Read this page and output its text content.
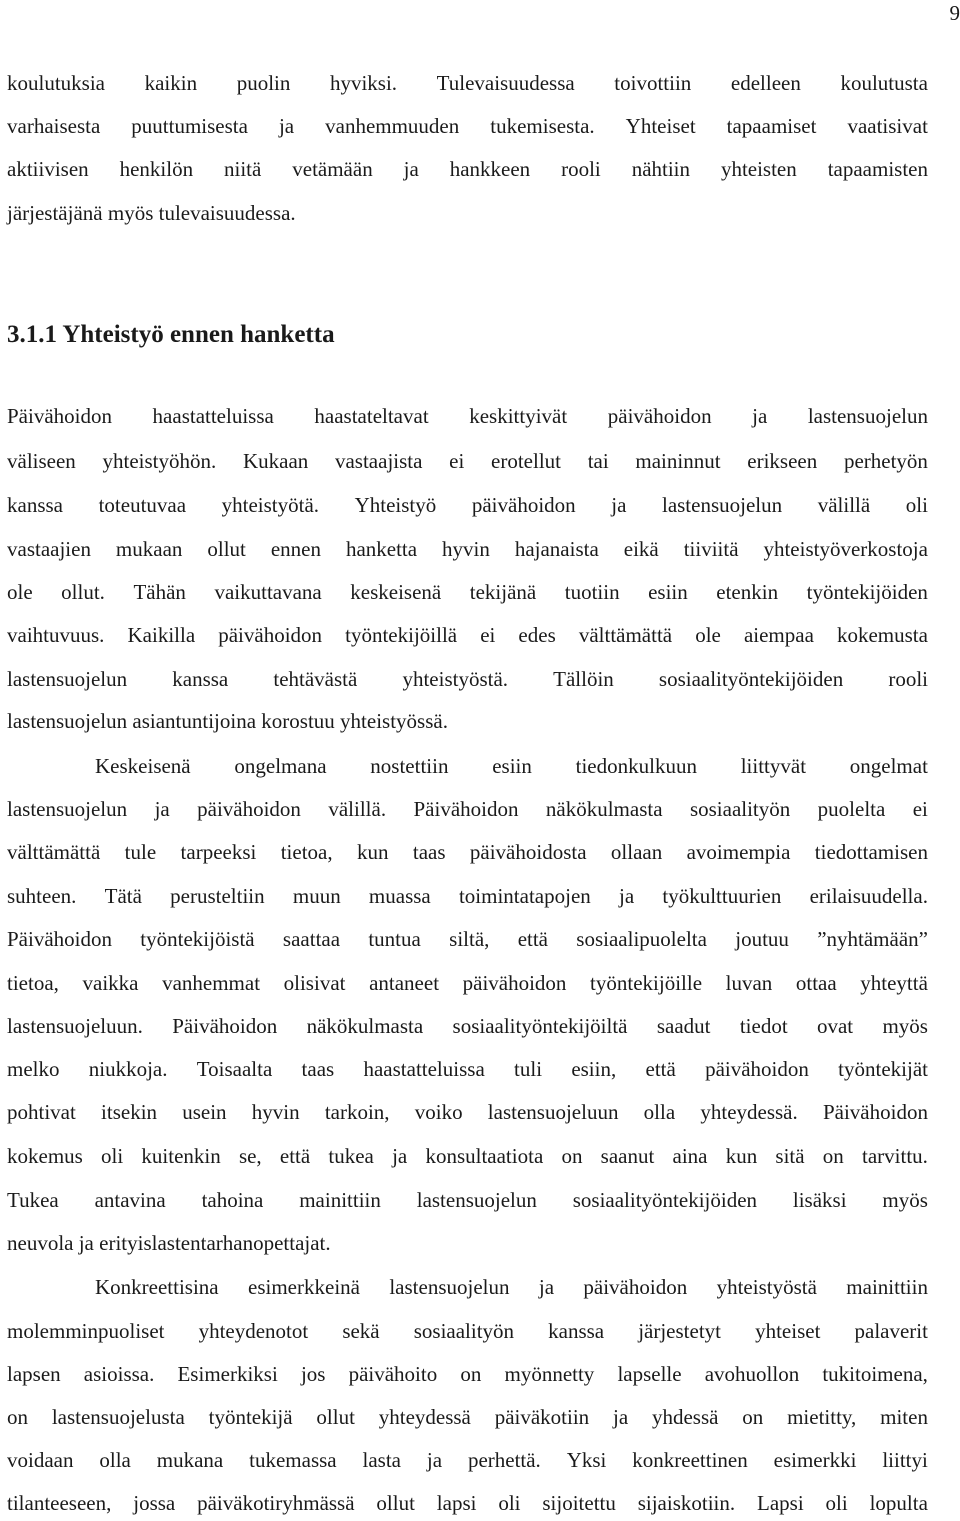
9
koulutuksia kaikin puolin hyviksi. Tulevaisuudessa toivottiin edelleen koulutusta
varhaisesta puuttumisesta ja vanhemmuuden tukemisesta. Yhteiset tapaamiset vaatisivat
aktiivisen henkilön niitä vetämään ja hankkeen rooli nähtiin yhteisten tapaamisten
järjestäjänä myös tulevaisuudessa.
3.1.1 Yhteistyö ennen hanketta
Päivähoidon haastatteluissa haastateltavat keskittyivät päivähoidon ja lastensuojelun
väliseen yhteistyöhön. Kukaan vastaajista ei erotellut tai maininnut erikseen perhetyön
kanssa toteutuvaa yhteistyötä. Yhteistyö päivähoidon ja lastensuojelun välillä oli
vastaajien mukaan ollut ennen hanketta hyvin hajanaista eikä tiiviitä yhteistyöverkostoja
ole ollut. Tähän vaikuttavana keskeisenä tekijänä tuotiin esiin etenkin työntekijöiden
vaihtuvuus. Kaikilla päivähoidon työntekijöillä ei edes välttämättä ole aiempaa kokemusta
lastensuojelun kanssa tehtävästä yhteistyöstä. Tällöin sosiaalityöntekijöiden rooli
lastensuojelun asiantuntijoina korostuu yhteistyössä.
Keskeisenä ongelmana nostettiin esiin tiedonkulkuun liittyvät ongelmat
lastensuojelun ja päivähoidon välillä. Päivähoidon näkökulmasta sosiaalityön puolelta ei
välttämättä tule tarpeeksi tietoa, kun taas päivähoidosta ollaan avoimempia tiedottamisen
suhteen. Tätä perusteltiin muun muassa toimintatapojen ja työkulttuurien erilaisuudella.
Päivähoidon työntekijöistä saattaa tuntua siltä, että sosiaalipuolelta joutuu ”nyhtämään”
tietoa, vaikka vanhemmat olisivat antaneet päivähoidon työntekijöille luvan ottaa yhteyttä
lastensuojeluun. Päivähoidon näkökulmasta sosiaalityöntekijöiltä saadut tiedot ovat myös
melko niukkoja. Toisaalta taas haastatteluissa tuli esiin, että päivähoidon työntekijät
pohtivat itsekin usein hyvin tarkoin, voiko lastensuojeluun olla yhteydessä. Päivähoidon
kokemus oli kuitenkin se, että tukea ja konsultaatiota on saanut aina kun sitä on tarvittu.
Tukea antavina tahoina mainittiin lastensuojelun sosiaalityöntekijöiden lisäksi myös
neuvola ja erityislastentarhanopettajat.
Konkreettisina esimerkkeinä lastensuojelun ja päivähoidon yhteistyöstä mainittiin
molemminpuoliset yhteydenotot sekä sosiaalityön kanssa järjestetyt yhteiset palaverit
lapsen asioissa. Esimerkiksi jos päivähoito on myönnetty lapselle avohuollon tukitoimena,
on lastensuojelusta työntekijä ollut yhteydessä päiväkotiin ja yhdessä on mietitty, miten
voidaan olla mukana tukemassa lasta ja perhettä. Yksi konkreettinen esimerkki liittyi
tilanteeseen, jossa päiväkotiryhmässä ollut lapsi oli sijoitettu sijaiskotiin. Lapsi oli lopulta
